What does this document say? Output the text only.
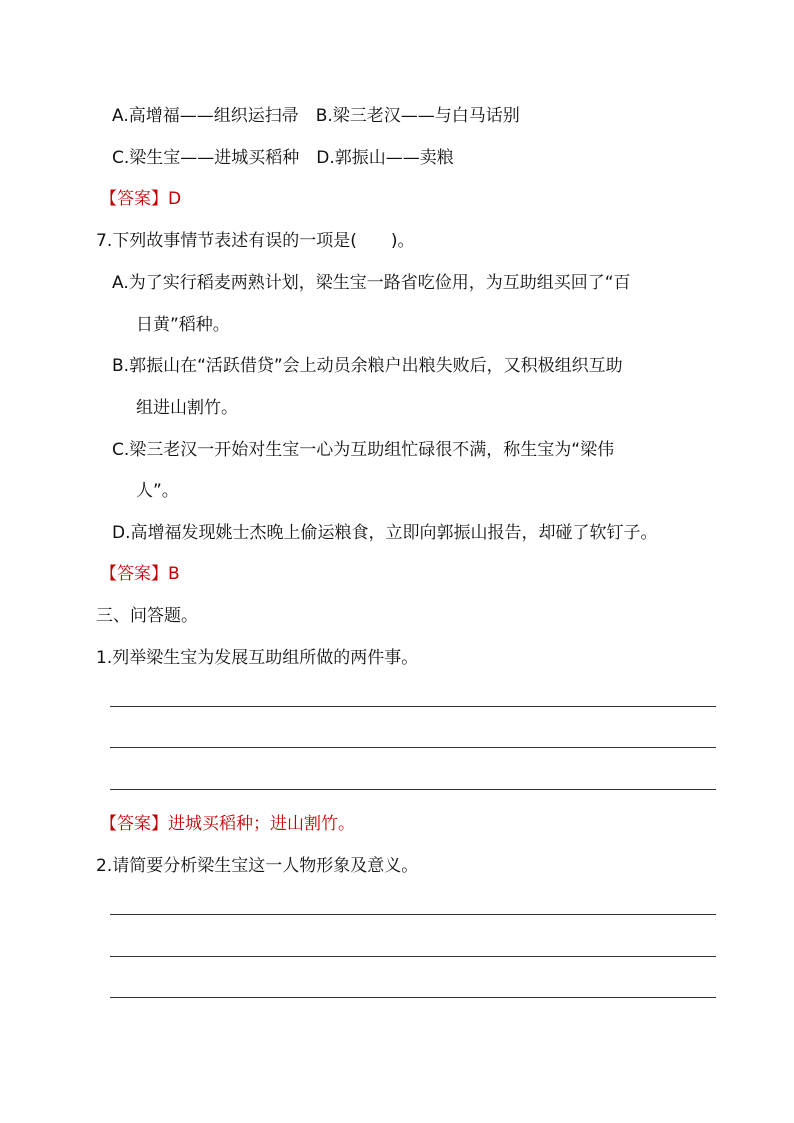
A.高增福——组织运扫帚　B.梁三老汉——与白马话别
C.梁生宝——进城买稻种　D.郭振山——卖粮
【答案】D
7.下列故事情节表述有误的一项是(　　)。
A.为了实行稻麦两熟计划，梁生宝一路省吃俭用，为互助组买回了“百
日黄”稻种。
B.郭振山在“活跃借贷”会上动员余粮户出粮失败后，又积极组织互助
组进山割竹。
C.梁三老汉一开始对生宝一心为互助组忙碌很不满，称生宝为“梁伟
人”。
D.高增福发现姚士杰晚上偷运粮食，立即向郭振山报告，却碰了软钉子。
【答案】B
三、问答题。
1.列举梁生宝为发展互助组所做的两件事。
【答案】进城买稻种；进山割竹。
2.请简要分析梁生宝这一人物形象及意义。
